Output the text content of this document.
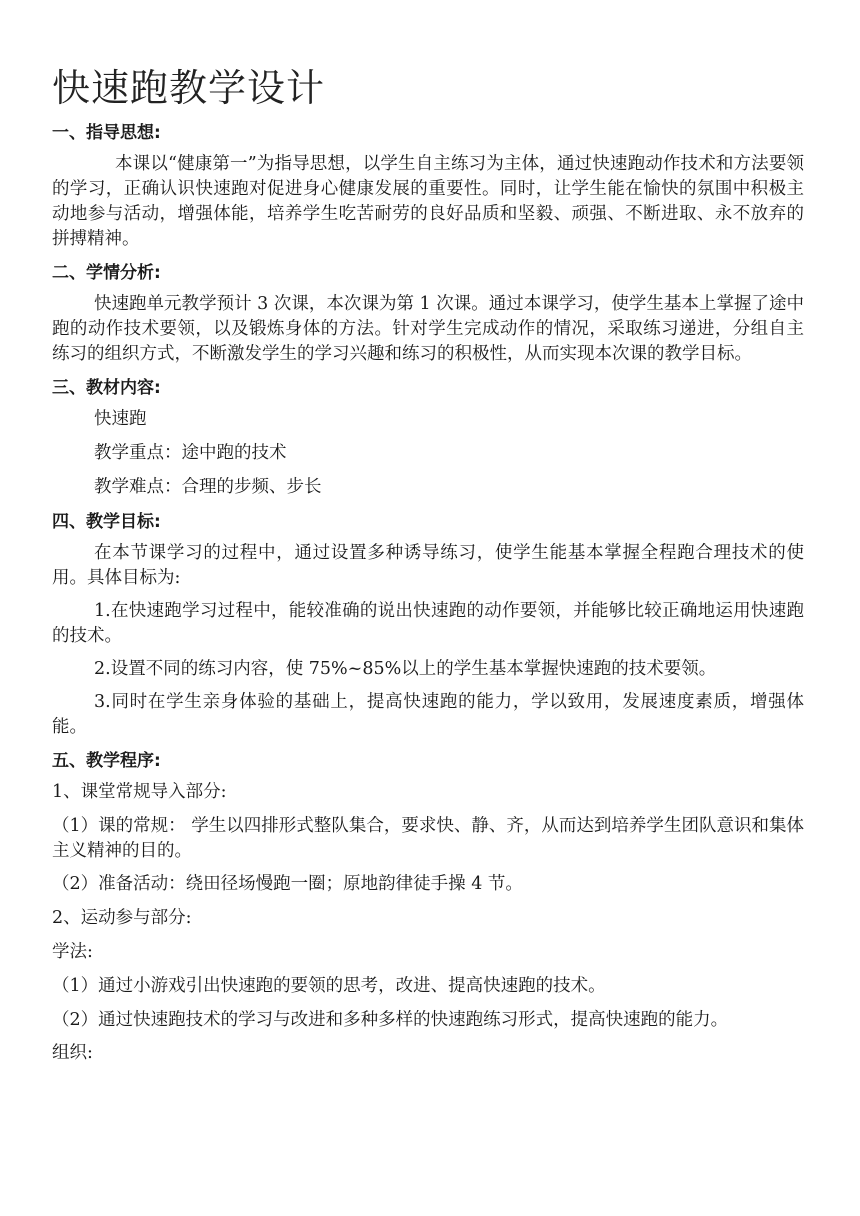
快速跑教学设计
一、指导思想:
本课以“健康第一”为指导思想，以学生自主练习为主体，通过快速跑动作技术和方法要领的学习，正确认识快速跑对促进身心健康发展的重要性。同时，让学生能在愉快的氛围中积极主动地参与活动，增强体能，培养学生吃苦耐劳的良好品质和坚毅、顽强、不断进取、永不放弃的拼搏精神。
二、学情分析:
快速跑单元教学预计 3 次课，本次课为第 1 次课。通过本课学习，使学生基本上掌握了途中跑的动作技术要领，以及锻炼身体的方法。针对学生完成动作的情况，采取练习递进，分组自主练习的组织方式，不断激发学生的学习兴趣和练习的积极性，从而实现本次课的教学目标。
三、教材内容:
快速跑
教学重点：途中跑的技术
教学难点：合理的步频、步长
四、教学目标:
在本节课学习的过程中，通过设置多种诱导练习，使学生能基本掌握全程跑合理技术的使用。具体目标为:
1.在快速跑学习过程中，能较准确的说出快速跑的动作要领，并能够比较正确地运用快速跑的技术。
2.设置不同的练习内容，使 75%~85%以上的学生基本掌握快速跑的技术要领。
3.同时在学生亲身体验的基础上，提高快速跑的能力，学以致用，发展速度素质，增强体能。
五、教学程序:
1、课堂常规导入部分:
（1）课的常规： 学生以四排形式整队集合，要求快、静、齐，从而达到培养学生团队意识和集体主义精神的目的。
（2）准备活动：绕田径场慢跑一圈；原地韵律徒手操 4 节。
2、运动参与部分:
学法:
（1）通过小游戏引出快速跑的要领的思考，改进、提高快速跑的技术。
（2）通过快速跑技术的学习与改进和多种多样的快速跑练习形式，提高快速跑的能力。
组织:
